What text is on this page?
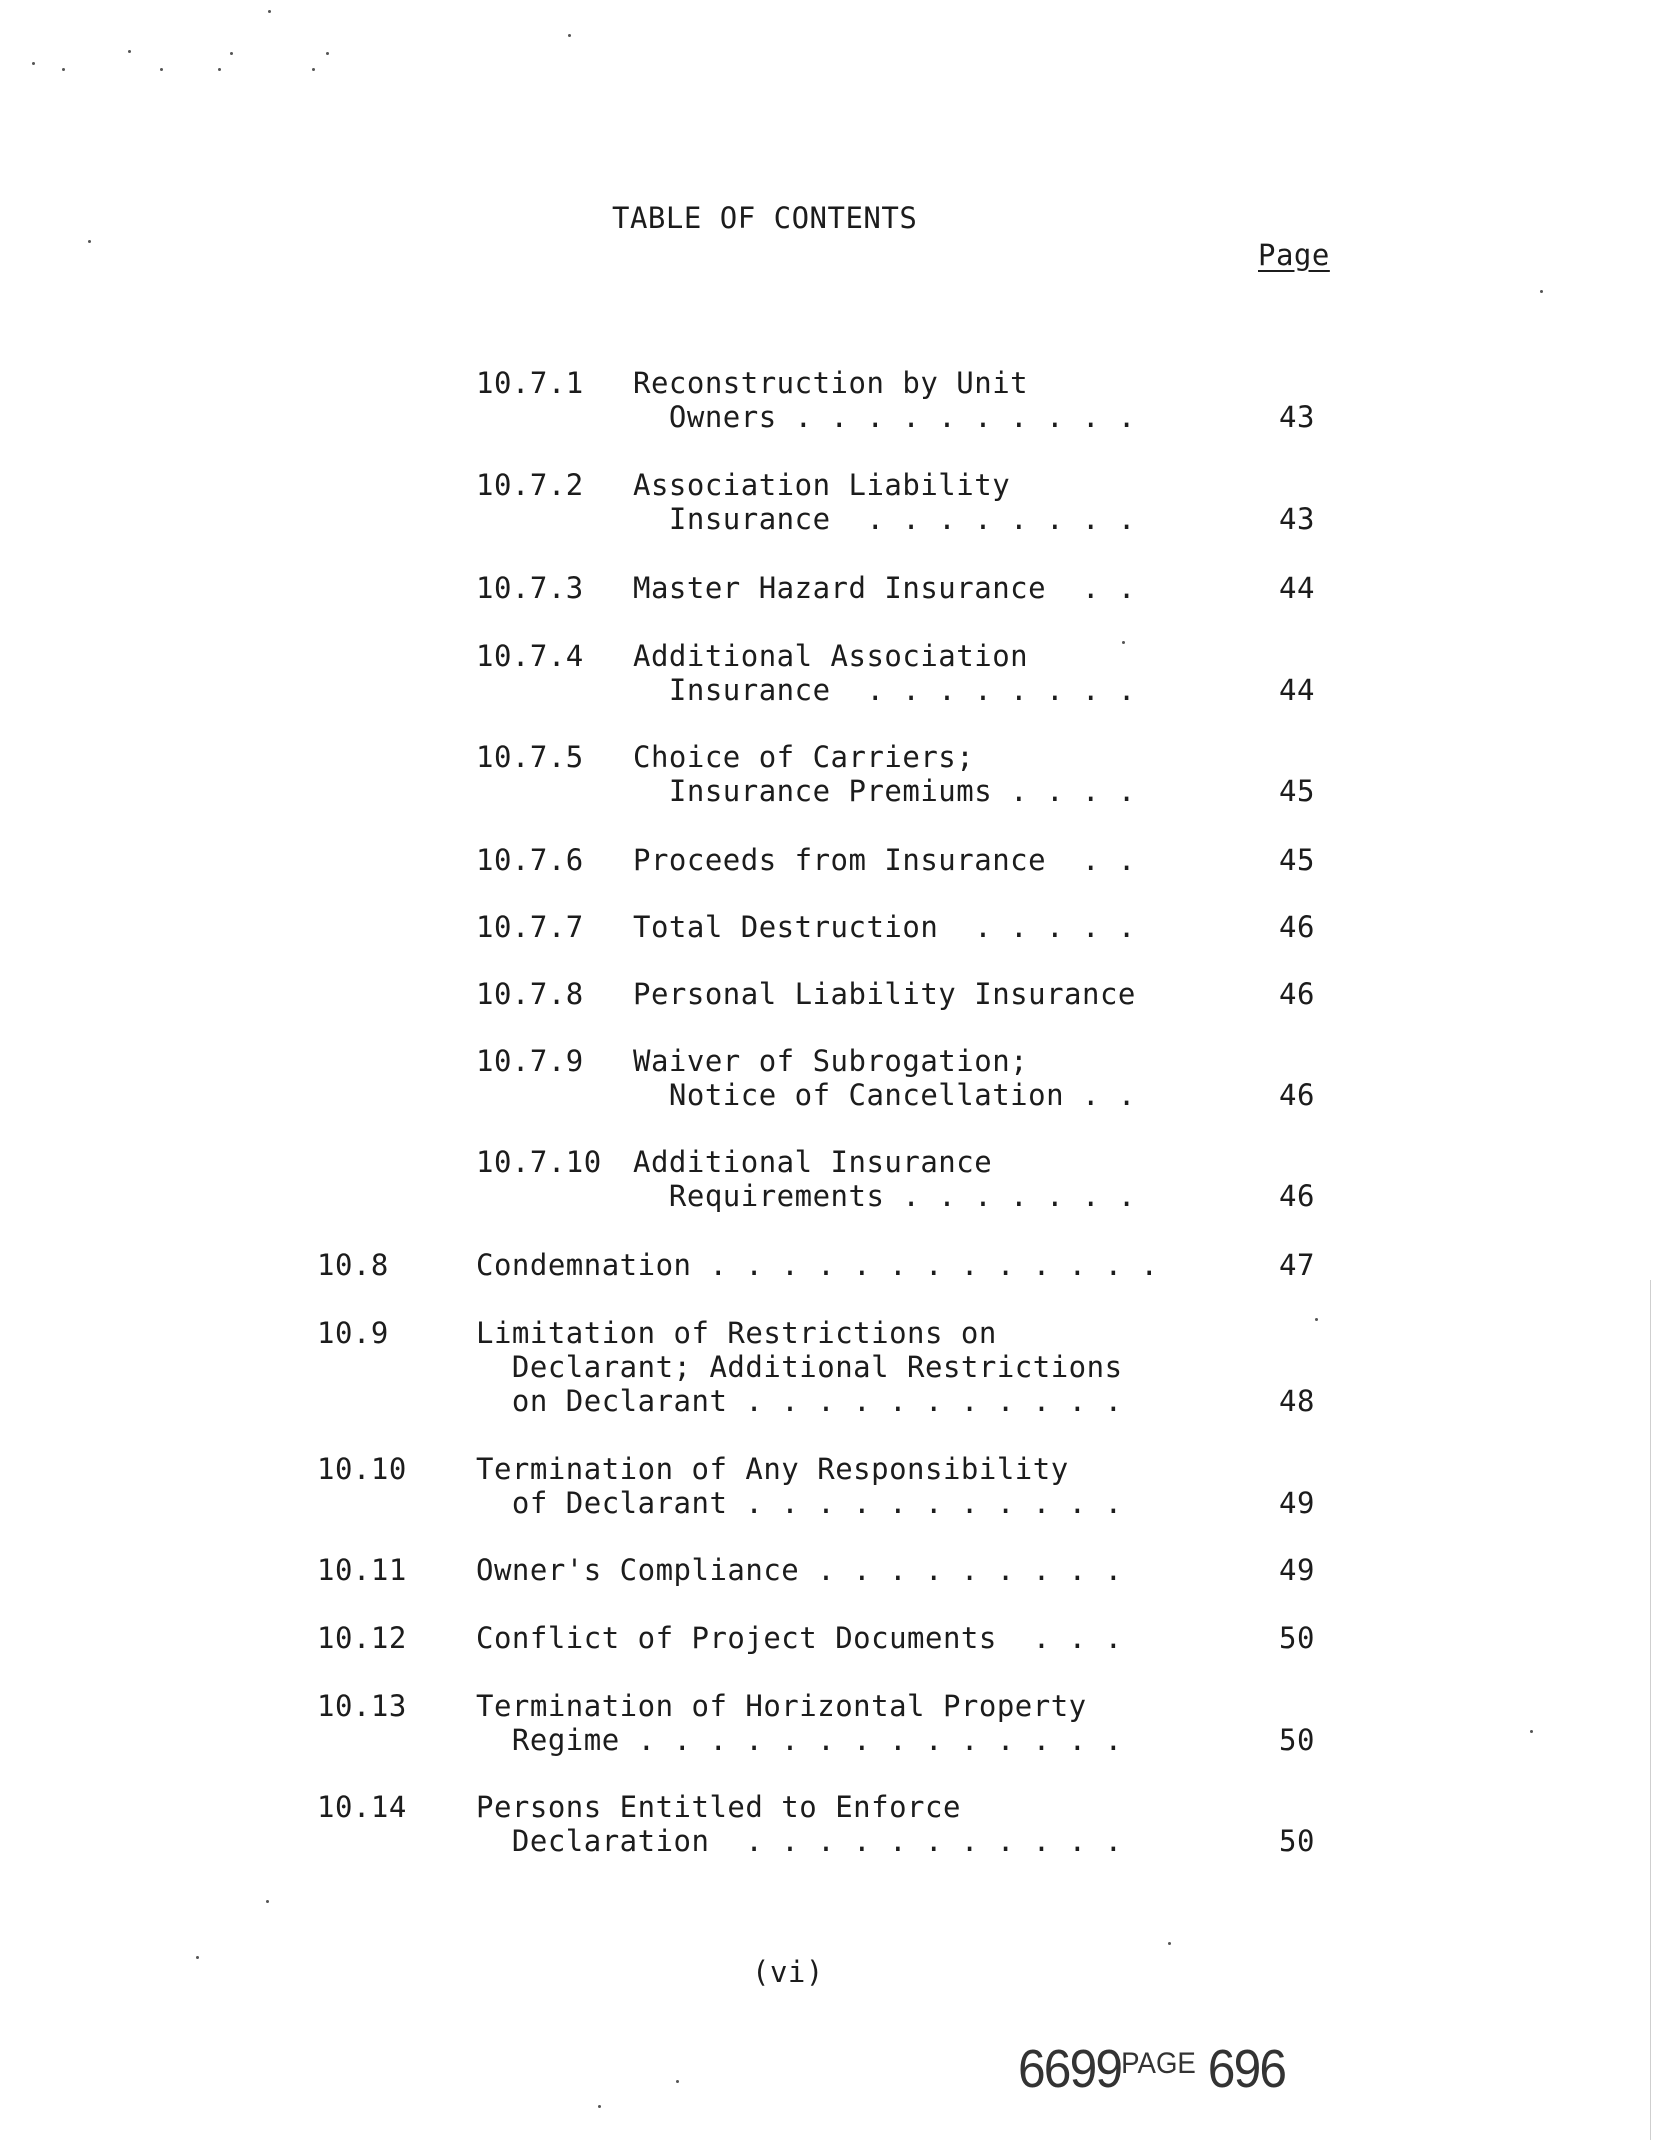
TABLE OF CONTENTS
Page
10.7.1 Reconstruction by Unit
Owners . . . . . . . . . .	43
10.7.2 Association Liability
Insurance  . . . . . . . .	43
10.7.3 Master Hazard Insurance  . .	44
10.7.4 Additional Association
Insurance  . . . . . . . .	44
10.7.5 Choice of Carriers;
Insurance Premiums . . . .	45
10.7.6 Proceeds from Insurance  . .	45
10.7.7 Total Destruction  . . . . .	46
10.7.8 Personal Liability Insurance	46
10.7.9 Waiver of Subrogation;
Notice of Cancellation . .	46
10.7.10 Additional Insurance
Requirements . . . . . . .	46
10.8	Condemnation . . . . . . . . . . . . .	47
10.9	Limitation of Restrictions on
Declarant; Additional Restrictions
on Declarant . . . . . . . . . . .	48
10.10 Termination of Any Responsibility
of Declarant . . . . . . . . . . .	49
10.11 Owner's Compliance . . . . . . . . .	49
10.12 Conflict of Project Documents  . . .	50
10.13 Termination of Horizontal Property
Regime . . . . . . . . . . . . . .	50
10.14 Persons Entitled to Enforce
Declaration  . . . . . . . . . . .	50
(vi)
$6699^{PAGE}$ 696
